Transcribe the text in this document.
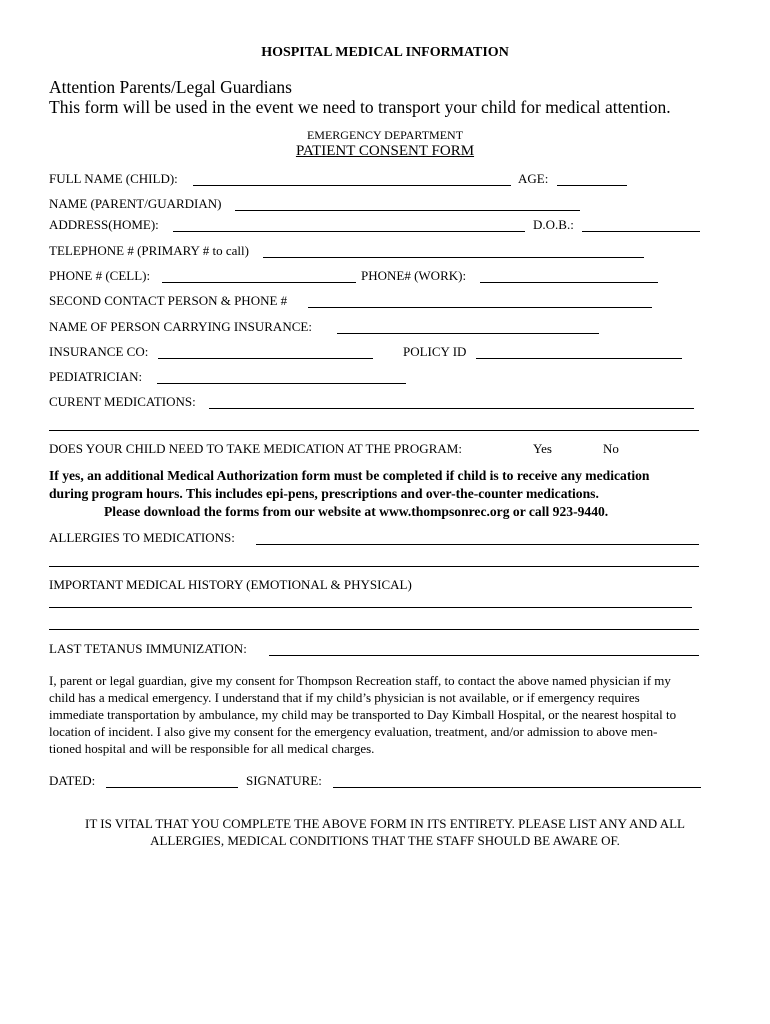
HOSPITAL MEDICAL INFORMATION
Attention Parents/Legal Guardians
This form will be used in the event we need to transport your child for medical attention.
EMERGENCY DEPARTMENT
PATIENT CONSENT FORM
FULL NAME (CHILD):	AGE:
NAME (PARENT/GUARDIAN)
ADDRESS(HOME):	D.O.B.:
TELEPHONE # (PRIMARY # to call)
PHONE # (CELL):	PHONE# (WORK):
SECOND CONTACT PERSON & PHONE #
NAME OF PERSON CARRYING INSURANCE:
INSURANCE CO:	POLICY ID
PEDIATRICIAN:
CURENT MEDICATIONS:
DOES YOUR CHILD NEED TO TAKE MEDICATION AT THE PROGRAM:	Yes	No
If yes, an additional Medical Authorization form must be completed if child is to receive any medication
during program hours. This includes epi-pens, prescriptions and over-the-counter medications.
Please download the forms from our website at www.thompsonrec.org or call 923-9440.
ALLERGIES TO MEDICATIONS:
IMPORTANT MEDICAL HISTORY (EMOTIONAL & PHYSICAL)
LAST TETANUS IMMUNIZATION:
I, parent or legal guardian, give my consent for Thompson Recreation staff, to contact the above named physician if my
child has a medical emergency. I understand that if my child’s physician is not available, or if emergency requires
immediate transportation by ambulance, my child may be transported to Day Kimball Hospital, or the nearest hospital to
location of incident. I also give my consent for the emergency evaluation, treatment, and/or admission to above men-
tioned hospital and will be responsible for all medical charges.
DATED:	SIGNATURE:
IT IS VITAL THAT YOU COMPLETE THE ABOVE FORM IN ITS ENTIRETY. PLEASE LIST ANY AND ALL
ALLERGIES, MEDICAL CONDITIONS THAT THE STAFF SHOULD BE AWARE OF.
